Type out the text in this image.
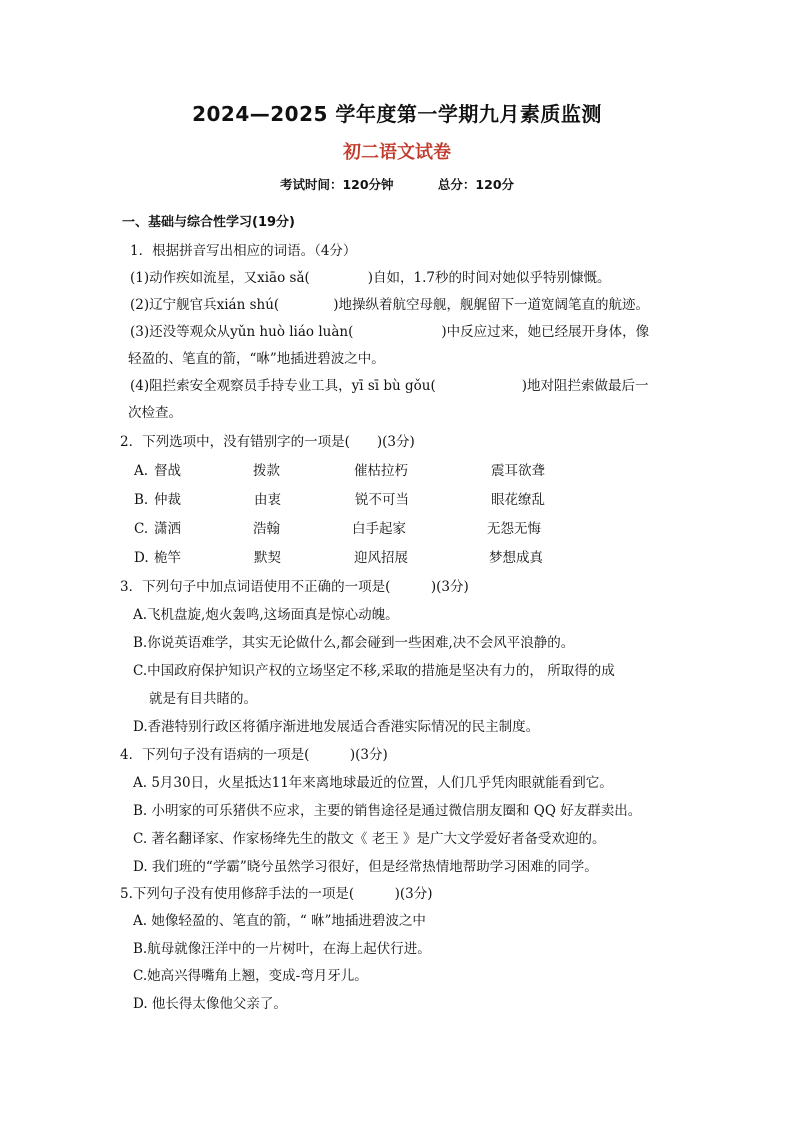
2024—2025 学年度第一学期九月素质监测
初二语文试卷
考试时间：120分钟	总分：120分
一、基础与综合性学习(19分)
1．根据拼音写出相应的词语。（4分）
(1)动作疾如流星，又xiāo sǎ(	)自如，1.7秒的时间对她似乎特别慷慨。
(2)辽宁舰官兵xián shú(	)地操纵着航空母舰，舰艉留下一道宽阔笔直的航迹。
(3)还没等观众从yǔn huò liáo luàn(	)中反应过来，她已经展开身体，像
轻盈的、笔直的箭，“咻”地插进碧波之中。
(4)阻拦索安全观察员手持专业工具，yī sī bù gǒu(	)地对阻拦索做最后一
次检查。
2．下列选项中，没有错别字的一项是(　　)(3分)
A. 督战	拨款	催枯拉朽	震耳欲聋
B. 仲裁	由衷	锐不可当	眼花缭乱
C. 潇洒	浩翰	白手起家	无怨无悔
D. 桅竿	默契	迎风招展	梦想成真
3．下列句子中加点词语使用不正确的一项是(　　　)(3分)
A.飞机盘旋,炮火轰鸣,这场面真是惊心动魄。
B.你说英语难学，其实无论做什么,都会碰到一些困难,决不会风平浪静的。
C.中国政府保护知识产权的立场坚定不移,采取的措施是坚决有力的， 所取得的成
就是有目共睹的。
D.香港特别行政区将循序渐进地发展适合香港实际情况的民主制度。
4．下列句子没有语病的一项是(　　　)(3分)
A. 5月30日，火星抵达11年来离地球最近的位置，人们几乎凭肉眼就能看到它。
B. 小明家的可乐猪供不应求，主要的销售途径是通过微信朋友圈和 QQ 好友群卖出。
C. 著名翻译家、作家杨绛先生的散文《 老王 》是广大文学爱好者备受欢迎的。
D. 我们班的“学霸”晓兮虽然学习很好，但是经常热情地帮助学习困难的同学。
5.下列句子没有使用修辞手法的一项是(　　　)(3分)
A. 她像轻盈的、笔直的箭，“ 咻”地插进碧波之中
B.航母就像汪洋中的一片树叶，在海上起伏行进。
C.她高兴得嘴角上翘，变成-弯月牙儿。
D. 他长得太像他父亲了。
